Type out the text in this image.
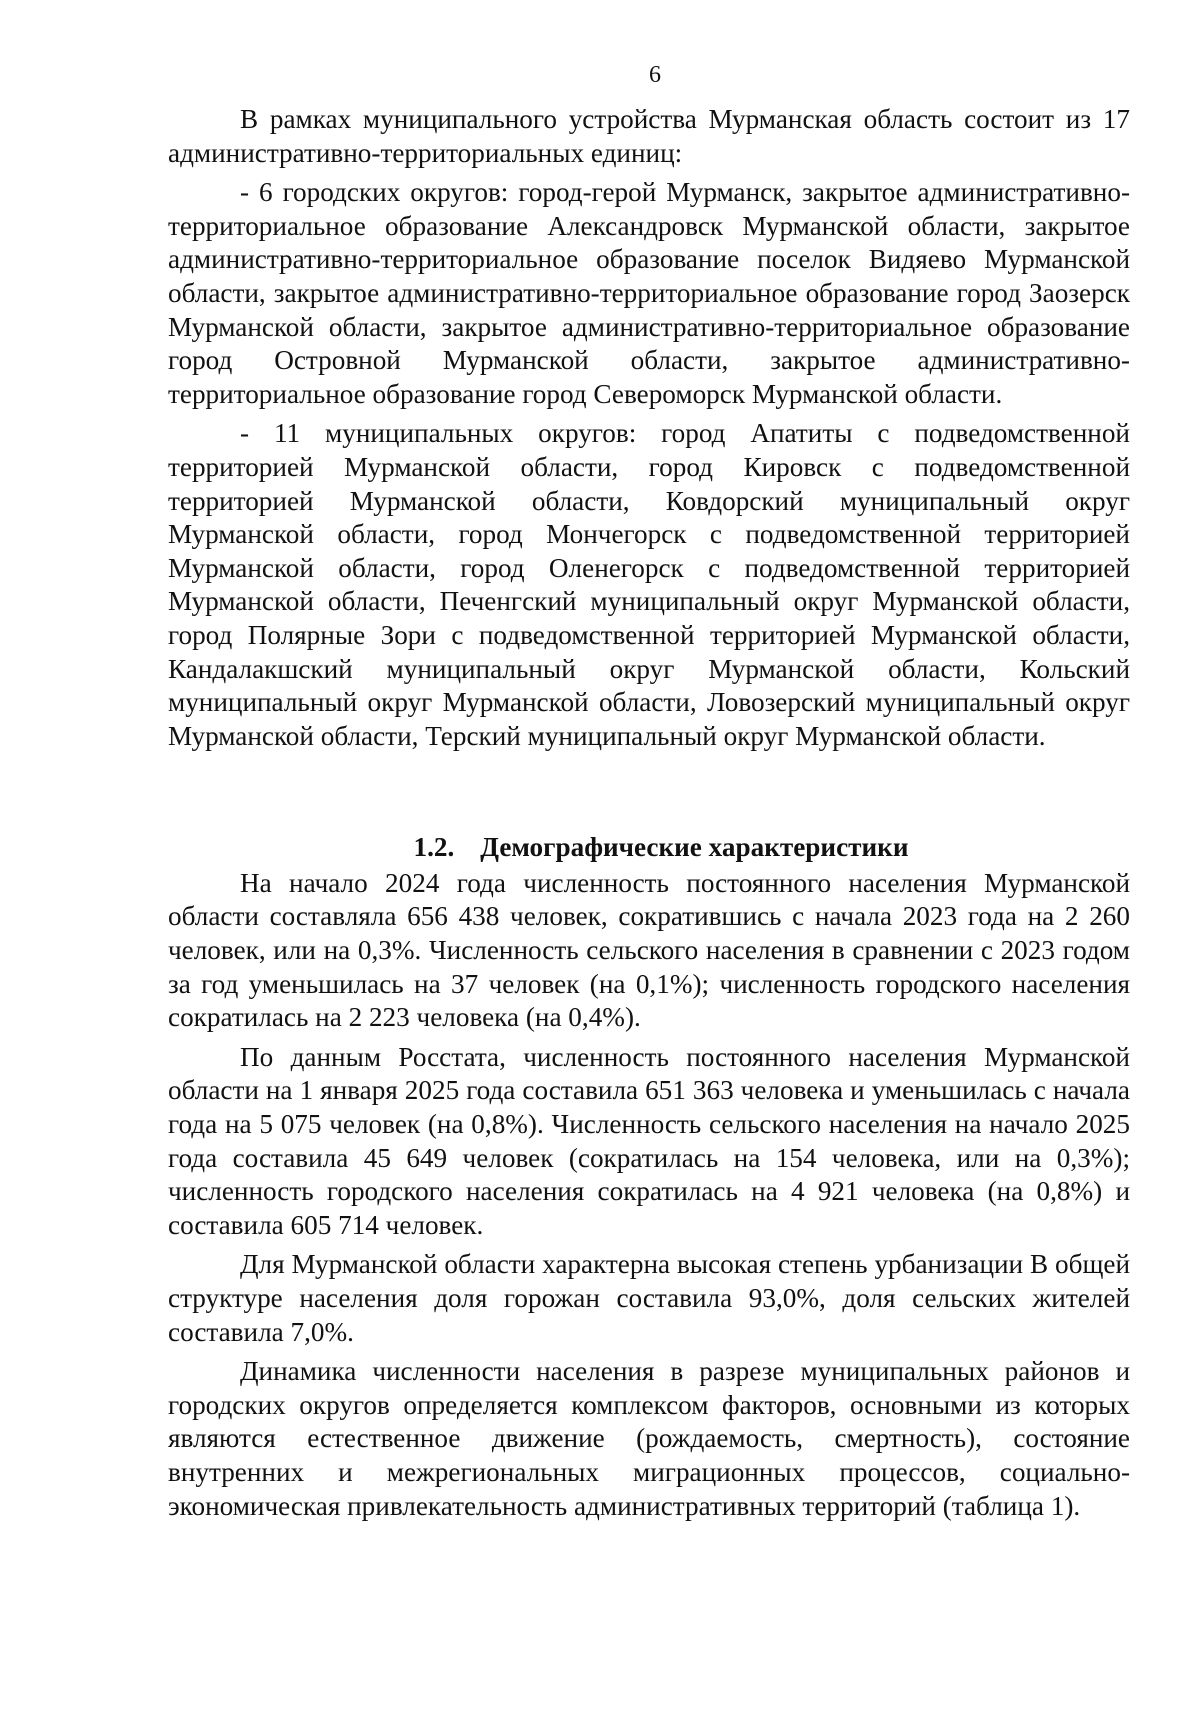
6

В рамках муниципального устройства Мурманская область состоит из 17 административно-территориальных единиц:

- 6 городских округов: город-герой Мурманск, закрытое административно-территориальное образование Александровск Мурманской области, закрытое административно-территориальное образование поселок Видяево Мурманской области, закрытое административно-территориальное образование город Заозерск Мурманской области, закрытое административно-территориальное образование город Островной Мурманской области, закрытое административно-территориальное образование город Североморск Мурманской области.

- 11 муниципальных округов: город Апатиты с подведомственной территорией Мурманской области, город Кировск с подведомственной территорией Мурманской области, Ковдорский муниципальный округ Мурманской области, город Мончегорск с подведомственной территорией Мурманской области, город Оленегорск с подведомственной территорией Мурманской области, Печенгский муниципальный округ Мурманской области, город Полярные Зори с подведомственной территорией Мурманской области, Кандалакшский муниципальный округ Мурманской области, Кольский муниципальный округ Мурманской области, Ловозерский муниципальный округ Мурманской области, Терский муниципальный округ Мурманской области.

1.2. Демографические характеристики

На начало 2024 года численность постоянного населения Мурманской области составляла 656 438 человек, сократившись с начала 2023 года на 2 260 человек, или на 0,3%. Численность сельского населения в сравнении с 2023 годом за год уменьшилась на 37 человек (на 0,1%); численность городского населения сократилась на 2 223 человека (на 0,4%).

По данным Росстата, численность постоянного населения Мурманской области на 1 января 2025 года составила 651 363 человека и уменьшилась с начала года на 5 075 человек (на 0,8%). Численность сельского населения на начало 2025 года составила 45 649 человек (сократилась на 154 человека, или на 0,3%); численность городского населения сократилась на 4 921 человека (на 0,8%) и составила 605 714 человек.

Для Мурманской области характерна высокая степень урбанизации В общей структуре населения доля горожан составила 93,0%, доля сельских жителей составила 7,0%.

Динамика численности населения в разрезе муниципальных районов и городских округов определяется комплексом факторов, основными из которых являются естественное движение (рождаемость, смертность), состояние внутренних и межрегиональных миграционных процессов, социально-экономическая привлекательность административных территорий (таблица 1).
